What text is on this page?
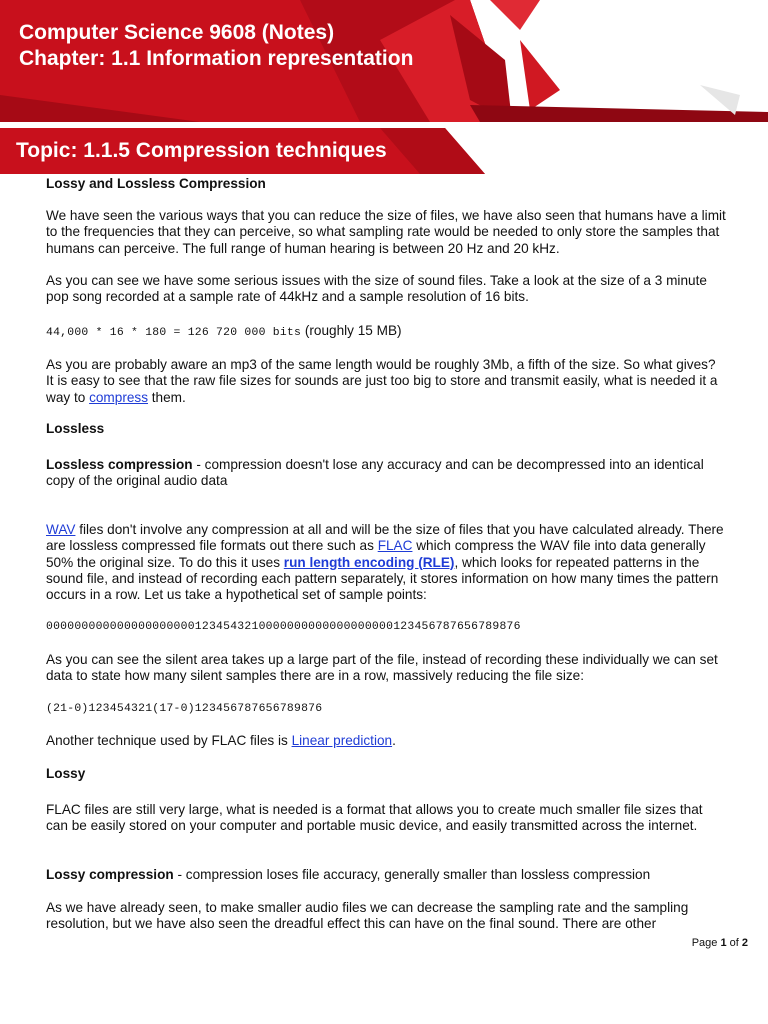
Computer Science 9608 (Notes)
Chapter: 1.1 Information representation
Topic: 1.1.5 Compression techniques

Lossy and Lossless Compression

We have seen the various ways that you can reduce the size of files, we have also seen that humans have a limit to the frequencies that they can perceive, so what sampling rate would be needed to only store the samples that humans can perceive. The full range of human hearing is between 20 Hz and 20 kHz.

As you can see we have some serious issues with the size of sound files. Take a look at the size of a 3 minute pop song recorded at a sample rate of 44kHz and a sample resolution of 16 bits.

44,000 * 16 * 180 = 126 720 000 bits (roughly 15 MB)

As you are probably aware an mp3 of the same length would be roughly 3Mb, a fifth of the size. So what gives? It is easy to see that the raw file sizes for sounds are just too big to store and transmit easily, what is needed it a way to compress them.

Lossless

Lossless compression - compression doesn't lose any accuracy and can be decompressed into an identical copy of the original audio data

WAV files don't involve any compression at all and will be the size of files that you have calculated already. There are lossless compressed file formats out there such as FLAC which compress the WAV file into data generally 50% the original size. To do this it uses run length encoding (RLE), which looks for repeated patterns in the sound file, and instead of recording each pattern separately, it stores information on how many times the pattern occurs in a row. Let us take a hypothetical set of sample points:

0000000000000000000001234543210000000000000000000123456787656789876

As you can see the silent area takes up a large part of the file, instead of recording these individually we can set data to state how many silent samples there are in a row, massively reducing the file size:

(21-0)123454321(17-0)123456787656789876

Another technique used by FLAC files is Linear prediction.

Lossy

FLAC files are still very large, what is needed is a format that allows you to create much smaller file sizes that can be easily stored on your computer and portable music device, and easily transmitted across the internet.

Lossy compression - compression loses file accuracy, generally smaller than lossless compression

As we have already seen, to make smaller audio files we can decrease the sampling rate and the sampling resolution, but we have also seen the dreadful effect this can have on the final sound. There are other

Page 1 of 2
